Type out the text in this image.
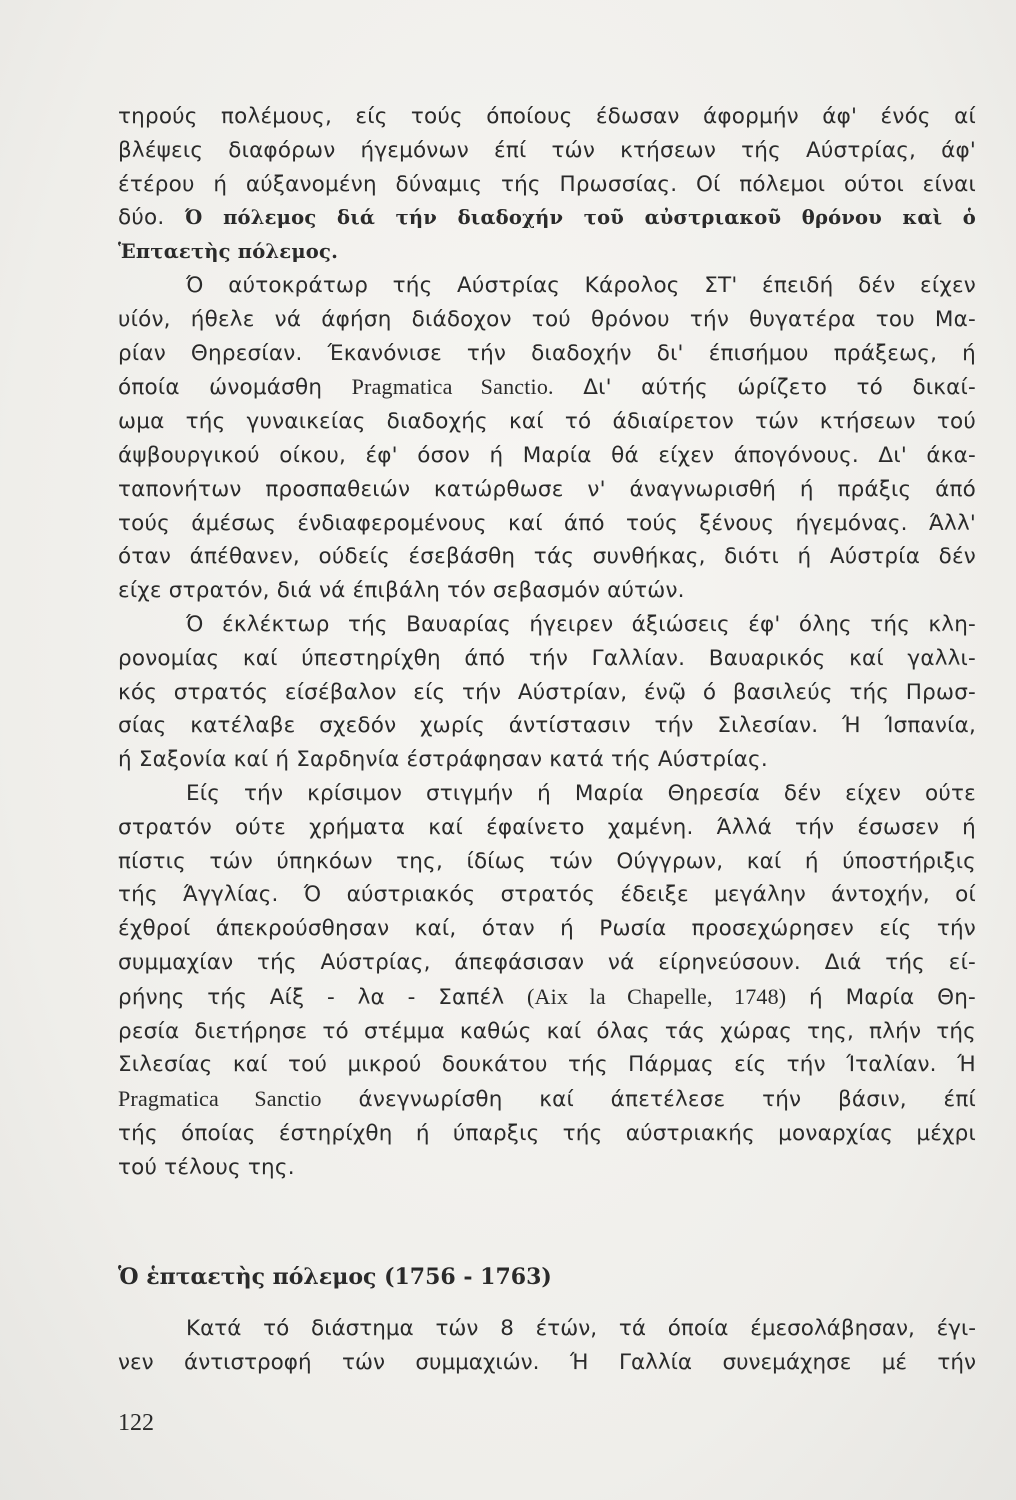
τηρούς πολέμους, είς τούς όποίους έδωσαν άφορμήν άφ' ένός αί
βλέψεις διαφόρων ήγεμόνων έπί τών κτήσεων τής Αύστρίας, άφ'
έτέρου ή αύξανομένη δύναμις τής Πρωσσίας. Οί πόλεμοι ούτοι είναι
δύο. Ό πόλεμος διά τήν διαδοχήν τοῦ αὐστριακοῦ θρόνου καὶ ὁ
Ἑπταετὴς πόλεμος.

Ό αύτοκράτωρ τής Αύστρίας Κάρολος ΣΤ' έπειδή δέν είχεν
υίόν, ήθελε νά άφήση διάδοχον τού θρόνου τήν θυγατέρα του Μα-
ρίαν Θηρεσίαν. Έκανόνισε τήν διαδοχήν δι' έπισήμου πράξεως, ή
όποία ώνομάσθη Pragmatica Sanctio. Δι' αύτής ώρίζετο τό δικαί-
ωμα τής γυναικείας διαδοχής καί τό άδιαίρετον τών κτήσεων τού
άψβουργικού οίκου, έφ' όσον ή Μαρία θά είχεν άπογόνους. Δι' άκα-
ταπονήτων προσπαθειών κατώρθωσε ν' άναγνωρισθή ή πράξις άπό
τούς άμέσως ένδιαφερομένους καί άπό τούς ξένους ήγεμόνας. Άλλ'
όταν άπέθανεν, ούδείς έσεβάσθη τάς συνθήκας, διότι ή Αύστρία δέν
είχε στρατόν, διά νά έπιβάλη τόν σεβασμόν αύτών.

Ό έκλέκτωρ τής Βαυαρίας ήγειρεν άξιώσεις έφ' όλης τής κλη-
ρονομίας καί ύπεστηρίχθη άπό τήν Γαλλίαν. Βαυαρικός καί γαλλι-
κός στρατός είσέβαλον είς τήν Αύστρίαν, ένῷ ό βασιλεύς τής Πρωσ-
σίας κατέλαβε σχεδόν χωρίς άντίστασιν τήν Σιλεσίαν. Ή Ίσπανία,
ή Σαξονία καί ή Σαρδηνία έστράφησαν κατά τής Αύστρίας.

Είς τήν κρίσιμον στιγμήν ή Μαρία Θηρεσία δέν είχεν ούτε
στρατόν ούτε χρήματα καί έφαίνετο χαμένη. Άλλά τήν έσωσεν ή
πίστις τών ύπηκόων της, ίδίως τών Ούγγρων, καί ή ύποστήριξις
τής Άγγλίας. Ό αύστριακός στρατός έδειξε μεγάλην άντοχήν, οί
έχθροί άπεκρούσθησαν καί, όταν ή Ρωσία προσεχώρησεν είς τήν
συμμαχίαν τής Αύστρίας, άπεφάσισαν νά είρηνεύσουν. Διά τής εί-
ρήνης τής Αίξ - λα - Σαπέλ (Aix la Chapelle, 1748) ή Μαρία Θη-
ρεσία διετήρησε τό στέμμα καθώς καί όλας τάς χώρας της, πλήν τής
Σιλεσίας καί τού μικρού δουκάτου τής Πάρμας είς τήν Ίταλίαν. Ή
Pragmatica Sanctio άνεγνωρίσθη καί άπετέλεσε τήν βάσιν, έπί
τής όποίας έστηρίχθη ή ύπαρξις τής αύστριακής μοναρχίας μέχρι
τού τέλους της.

Ὁ ἑπταετὴς πόλεμος (1756 - 1763)
Κατά τό διάστημα τών 8 έτών, τά όποία έμεσολάβησαν, έγι-
νεν άντιστροφή τών συμμαχιών. Ή Γαλλία συνεμάχησε μέ τήν
122
